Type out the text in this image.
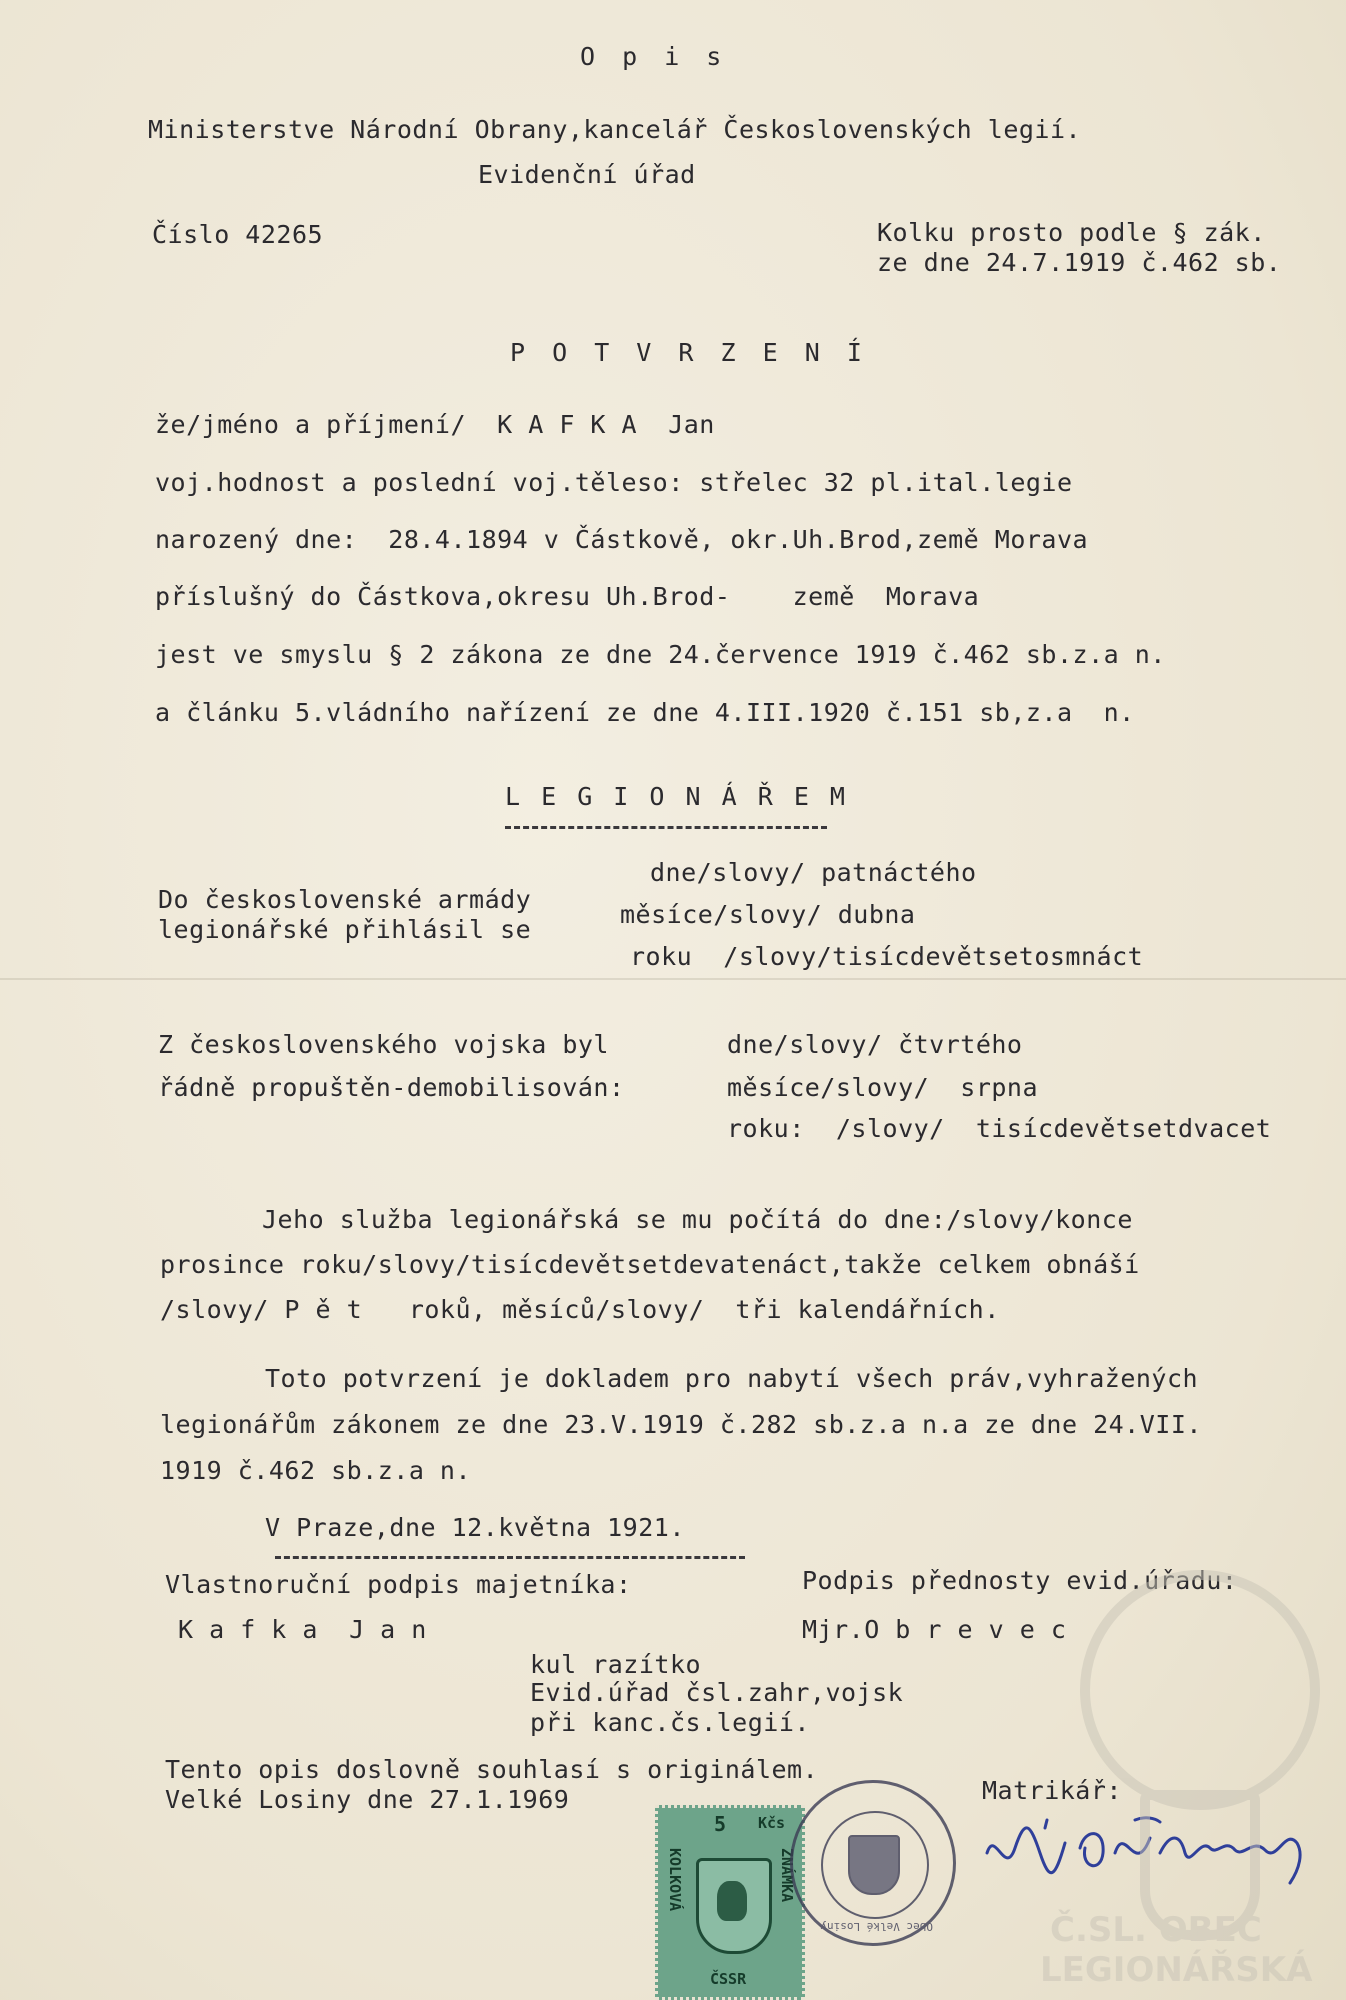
O p i s
Ministerstve Národní Obrany,kancelář Československých legií.
Evidenční úřad
Číslo 42265	Kolku prosto podle § zák.
ze dne 24.7.1919 č.462 sb.
P O T V R Z E N Í
že/jméno a příjmení/  K A F K A  Jan
voj.hodnost a poslední voj.těleso: střelec 32 pl.ital.legie
narozený dne:  28.4.1894 v Částkově, okr.Uh.Brod,země Morava
příslušný do Částkova,okresu Uh.Brod-    země  Morava
jest ve smyslu § 2 zákona ze dne 24.července 1919 č.462 sb.z.a n.
a článku 5.vládního nařízení ze dne 4.III.1920 č.151 sb,z.a  n.
L E G I O N Á Ř E M
Do československé armády
legionářské přihlásil se
dne/slovy/ patnáctého
měsíce/slovy/ dubna
roku  /slovy/tisícdevětsetosmnáct
Z československého vojska byl
řádně propuštěn-demobilisován:
dne/slovy/ čtvrtého
měsíce/slovy/  srpna
roku:  /slovy/  tisícdevětsetdvacet
Jeho služba legionářská se mu počítá do dne:/slovy/konce
prosince roku/slovy/tisícdevětsetdevatenáct,takže celkem obnáší
/slovy/ P ě t   roků, měsíců/slovy/  tři kalendářních.
Toto potvrzení je dokladem pro nabytí všech práv,vyhražených
legionářům zákonem ze dne 23.V.1919 č.282 sb.z.a n.a ze dne 24.VII.
1919 č.462 sb.z.a n.
V Praze,dne 12.května 1921.
Vlastnoruční podpis majetníka:
K a f k a  J a n
Podpis přednosty evid.úřadu:
Mjr.O b r e v e c
kul razítko
Evid.úřad čsl.zahr,vojsk
při kanc.čs.legií.
Tento opis doslovně souhlasí s originálem.
Velké Losiny dne 27.1.1969	Matrikář:
5 Kčs
KOLKOVÁ	ZNÁMKA
ČSSR
Obec Velké Losiny	Č.SL. OBEC
LEGIONÁŘSKÁ
